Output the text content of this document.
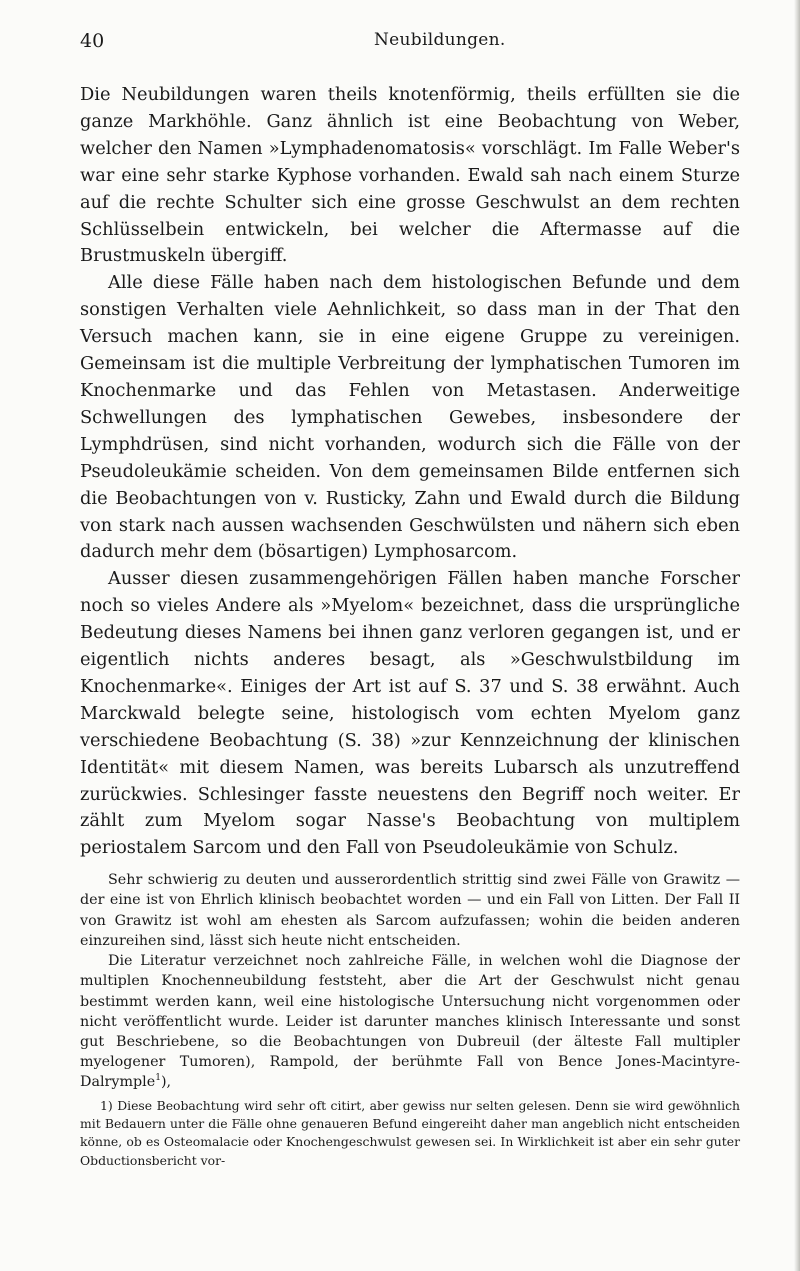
40	Neubildungen.

Die Neubildungen waren theils knotenförmig, theils erfüllten sie die ganze Markhöhle. Ganz ähnlich ist eine Beobachtung von Weber, welcher den Namen »Lymphadenomatosis« vorschlägt. Im Falle Weber's war eine sehr starke Kyphose vorhanden. Ewald sah nach einem Sturze auf die rechte Schulter sich eine grosse Geschwulst an dem rechten Schlüsselbein entwickeln, bei welcher die Aftermasse auf die Brustmuskeln übergiff.

Alle diese Fälle haben nach dem histologischen Befunde und dem sonstigen Verhalten viele Aehnlichkeit, so dass man in der That den Versuch machen kann, sie in eine eigene Gruppe zu vereinigen. Gemeinsam ist die multiple Verbreitung der lymphatischen Tumoren im Knochenmarke und das Fehlen von Metastasen. Anderweitige Schwellungen des lymphatischen Gewebes, insbesondere der Lymphdrüsen, sind nicht vorhanden, wodurch sich die Fälle von der Pseudoleukämie scheiden. Von dem gemeinsamen Bilde entfernen sich die Beobachtungen von v. Rusticky, Zahn und Ewald durch die Bildung von stark nach aussen wachsenden Geschwülsten und nähern sich eben dadurch mehr dem (bösartigen) Lymphosarcom.

Ausser diesen zusammengehörigen Fällen haben manche Forscher noch so vieles Andere als »Myelom« bezeichnet, dass die ursprüngliche Bedeutung dieses Namens bei ihnen ganz verloren gegangen ist, und er eigentlich nichts anderes besagt, als »Geschwulstbildung im Knochenmarke«. Einiges der Art ist auf S. 37 und S. 38 erwähnt. Auch Marckwald belegte seine, histologisch vom echten Myelom ganz verschiedene Beobachtung (S. 38) »zur Kennzeichnung der klinischen Identität« mit diesem Namen, was bereits Lubarsch als unzutreffend zurückwies. Schlesinger fasste neuestens den Begriff noch weiter. Er zählt zum Myelom sogar Nasse's Beobachtung von multiplem periostalem Sarcom und den Fall von Pseudoleukämie von Schulz.

Sehr schwierig zu deuten und ausserordentlich strittig sind zwei Fälle von Grawitz — der eine ist von Ehrlich klinisch beobachtet worden — und ein Fall von Litten. Der Fall II von Grawitz ist wohl am ehesten als Sarcom aufzufassen; wohin die beiden anderen einzureihen sind, lässt sich heute nicht entscheiden.

Die Literatur verzeichnet noch zahlreiche Fälle, in welchen wohl die Diagnose der multiplen Knochenneubildung feststeht, aber die Art der Geschwulst nicht genau bestimmt werden kann, weil eine histologische Untersuchung nicht vorgenommen oder nicht veröffentlicht wurde. Leider ist darunter manches klinisch Interessante und sonst gut Beschriebene, so die Beobachtungen von Dubreuil (der älteste Fall multipler myelogener Tumoren), Rampold, der berühmte Fall von Bence Jones-Macintyre-Dalrymple$^1$),

1) Diese Beobachtung wird sehr oft citirt, aber gewiss nur selten gelesen. Denn sie wird gewöhnlich mit Bedauern unter die Fälle ohne genaueren Befund eingereiht daher man angeblich nicht entscheiden könne, ob es Osteomalacie oder Knochengeschwulst gewesen sei. In Wirklichkeit ist aber ein sehr guter Obductionsbericht vor-
